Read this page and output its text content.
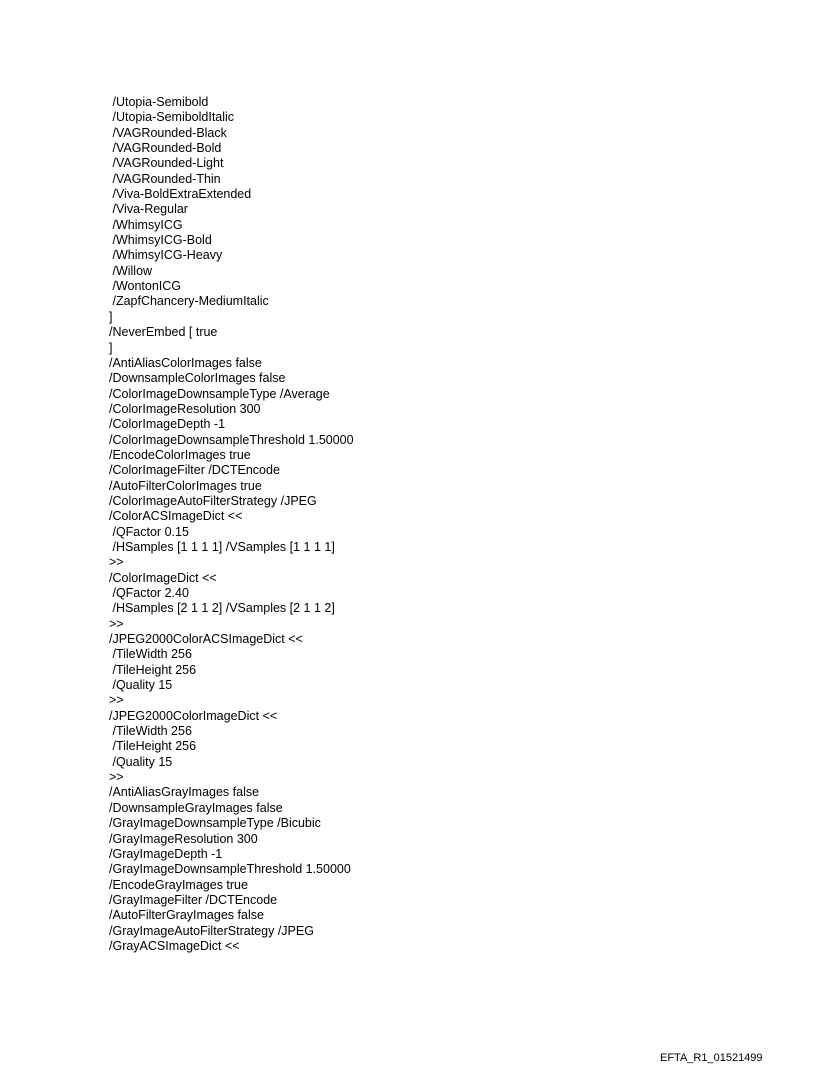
/Utopia-Semibold
/Utopia-SemiboldItalic
/VAGRounded-Black
/VAGRounded-Bold
/VAGRounded-Light
/VAGRounded-Thin
/Viva-BoldExtraExtended
/Viva-Regular
/WhimsyICG
/WhimsyICG-Bold
/WhimsyICG-Heavy
/Willow
/WontonICG
/ZapfChancery-MediumItalic
]
/NeverEmbed [ true
]
/AntiAliasColorImages false
/DownsampleColorImages false
/ColorImageDownsampleType /Average
/ColorImageResolution 300
/ColorImageDepth -1
/ColorImageDownsampleThreshold 1.50000
/EncodeColorImages true
/ColorImageFilter /DCTEncode
/AutoFilterColorImages true
/ColorImageAutoFilterStrategy /JPEG
/ColorACSImageDict <<
/QFactor 0.15
/HSamples [1 1 1 1] /VSamples [1 1 1 1]
>>
/ColorImageDict <<
/QFactor 2.40
/HSamples [2 1 1 2] /VSamples [2 1 1 2]
>>
/JPEG2000ColorACSImageDict <<
/TileWidth 256
/TileHeight 256
/Quality 15
>>
/JPEG2000ColorImageDict <<
/TileWidth 256
/TileHeight 256
/Quality 15
>>
/AntiAliasGrayImages false
/DownsampleGrayImages false
/GrayImageDownsampleType /Bicubic
/GrayImageResolution 300
/GrayImageDepth -1
/GrayImageDownsampleThreshold 1.50000
/EncodeGrayImages true
/GrayImageFilter /DCTEncode
/AutoFilterGrayImages false
/GrayImageAutoFilterStrategy /JPEG
/GrayACSImageDict <<
EFTA_R1_01521499
